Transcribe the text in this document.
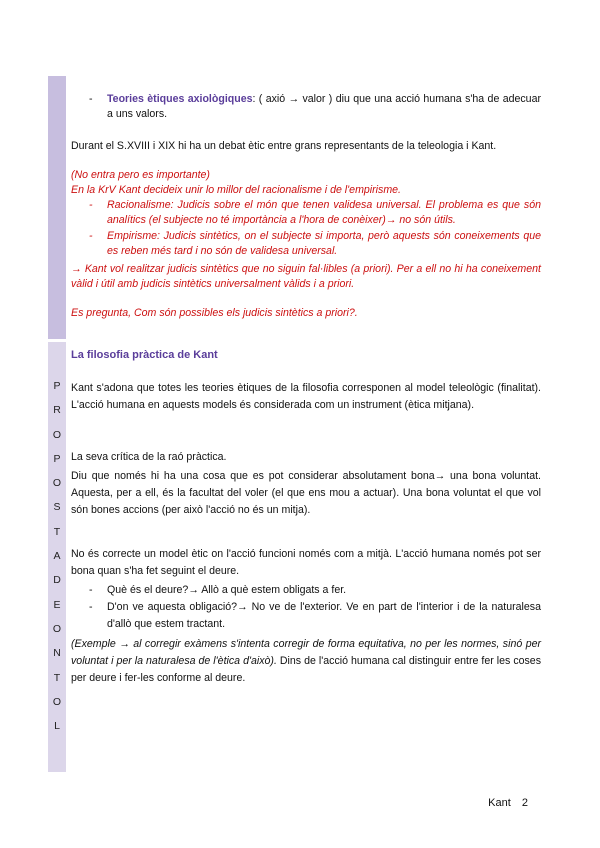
P
R
O
P
O
S
T
A
D
E
O
N
T
O
L
- Teories ètiques axiològiques: ( axió → valor ) diu que una acció humana s'ha de adecuar a uns valors.
Durant el S.XVIII i XIX hi ha un debat ètic entre grans representants de la teleologia i Kant.
(No entra pero es importante)
En la KrV Kant decideix unir lo millor del racionalisme i de l'empirisme.
- Racionalisme: Judicis sobre el món que tenen validesa universal. El problema es que són analítics (el subjecte no té importància a l'hora de conèixer)→ no són útils.
- Empirisme: Judicis sintètics, on el subjecte si importa, però aquests són coneixements que es reben més tard i no són de validesa universal.
→ Kant vol realitzar judicis sintètics que no siguin fal·libles (a priori). Per a ell no hi ha coneixement vàlid i útil amb judicis sintètics universalment vàlids i a priori.
Es pregunta, Com són possibles els judicis sintètics a priori?.
La filosofia pràctica de Kant
Kant s'adona que totes les teories ètiques de la filosofia corresponen al model teleològic (finalitat). L'acció humana en aquests models és considerada com un instrument (ètica mitjana).
La seva crítica de la raó pràctica.
Diu que només hi ha una cosa que es pot considerar absolutament bona→ una bona voluntat. Aquesta, per a ell, és la facultat del voler (el que ens mou a actuar). Una bona voluntat el que vol són bones accions (per això l'acció no és un mitja).
No és correcte un model ètic on l'acció funcioni només com a mitjà. L'acció humana només pot ser bona quan s'ha fet seguint el deure.
- Què és el deure?→ Allò a què estem obligats a fer.
- D'on ve aquesta obligació?→ No ve de l'exterior. Ve en part de l'interior i de la naturalesa d'allò que estem tractant.
(Exemple → al corregir exàmens s'intenta corregir de forma equitativa, no per les normes, sinó per voluntat i per la naturalesa de l'ètica d'això). Dins de l'acció humana cal distinguir entre fer les coses per deure i fer-les conforme al deure.
Kant 2
